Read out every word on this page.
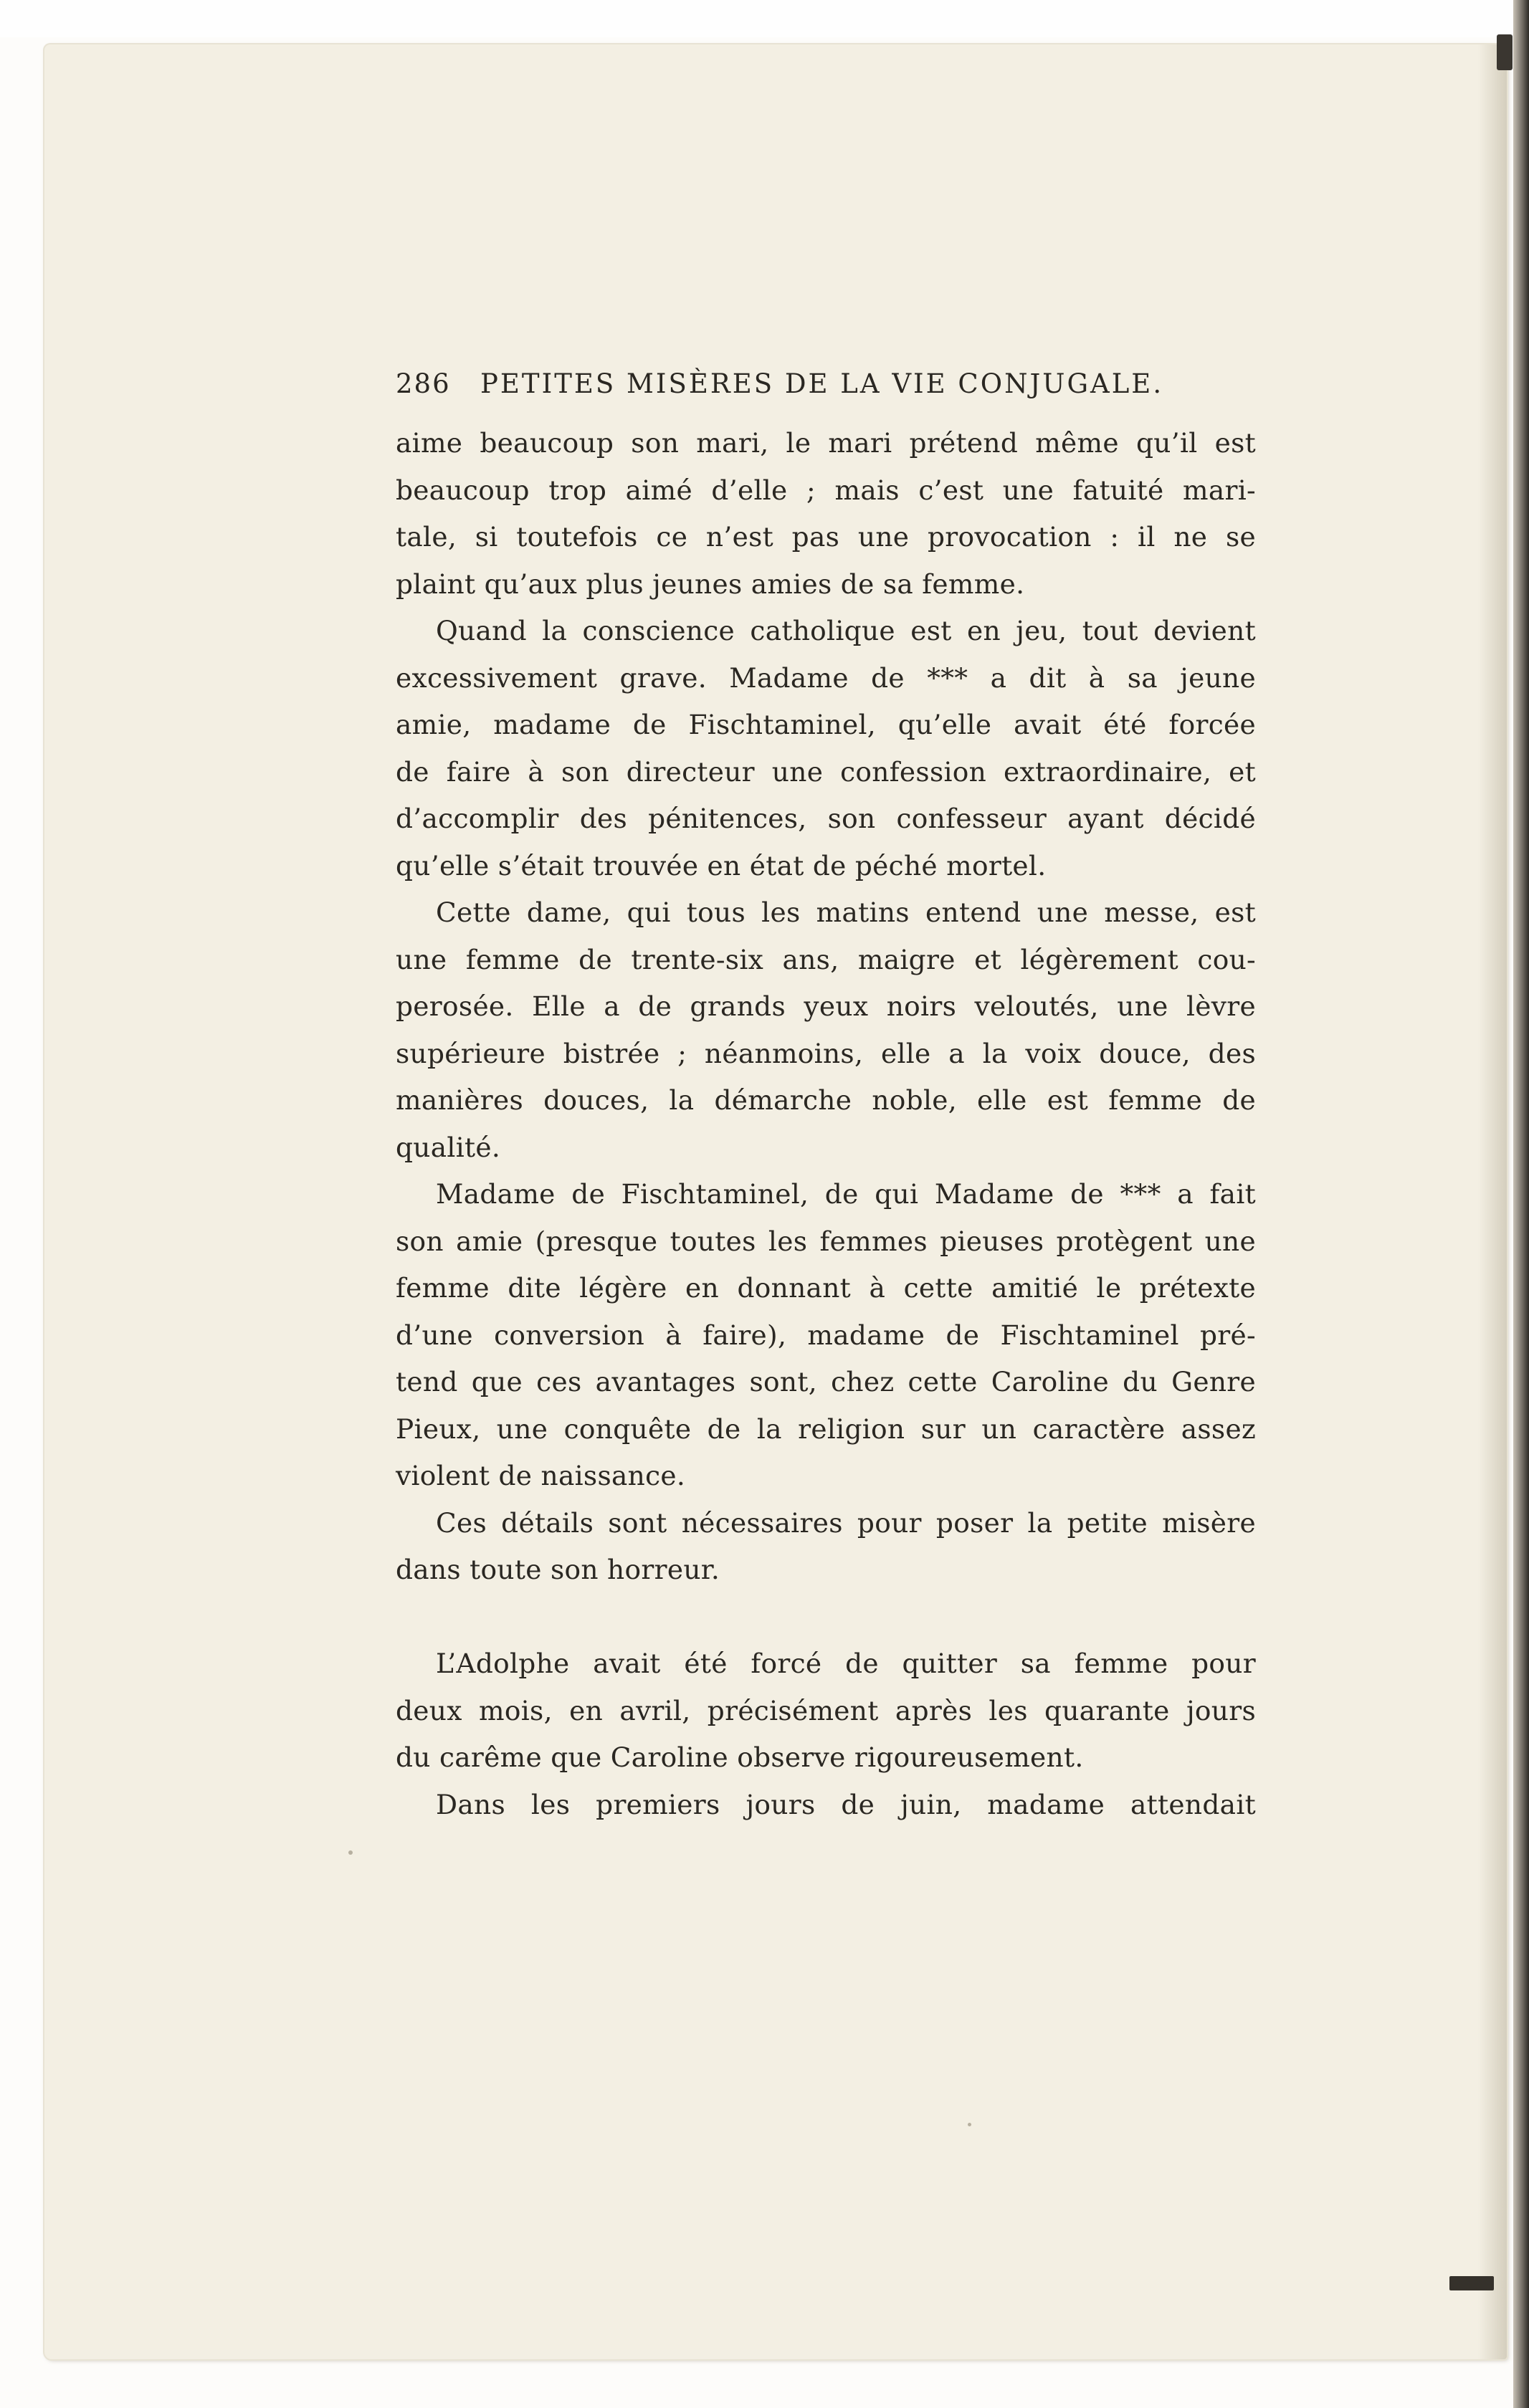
286	PETITES MISÈRES DE LA VIE CONJUGALE.
aime beaucoup son mari, le mari prétend même qu’il est
beaucoup trop aimé d’elle ; mais c’est une fatuité mari-
tale, si toutefois ce n’est pas une provocation : il ne se
plaint qu’aux plus jeunes amies de sa femme.
Quand la conscience catholique est en jeu, tout devient
excessivement grave. Madame de *** a dit à sa jeune
amie, madame de Fischtaminel, qu’elle avait été forcée
de faire à son directeur une confession extraordinaire, et
d’accomplir des pénitences, son confesseur ayant décidé
qu’elle s’était trouvée en état de péché mortel.
Cette dame, qui tous les matins entend une messe, est
une femme de trente-six ans, maigre et légèrement cou-
perosée. Elle a de grands yeux noirs veloutés, une lèvre
supérieure bistrée ; néanmoins, elle a la voix douce, des
manières douces, la démarche noble, elle est femme de
qualité.
Madame de Fischtaminel, de qui Madame de *** a fait
son amie (presque toutes les femmes pieuses protègent une
femme dite légère en donnant à cette amitié le prétexte
d’une conversion à faire), madame de Fischtaminel pré-
tend que ces avantages sont, chez cette Caroline du Genre
Pieux, une conquête de la religion sur un caractère assez
violent de naissance.
Ces détails sont nécessaires pour poser la petite misère
dans toute son horreur.
L’Adolphe avait été forcé de quitter sa femme pour
deux mois, en avril, précisément après les quarante jours
du carême que Caroline observe rigoureusement.
Dans les premiers jours de juin, madame attendait
